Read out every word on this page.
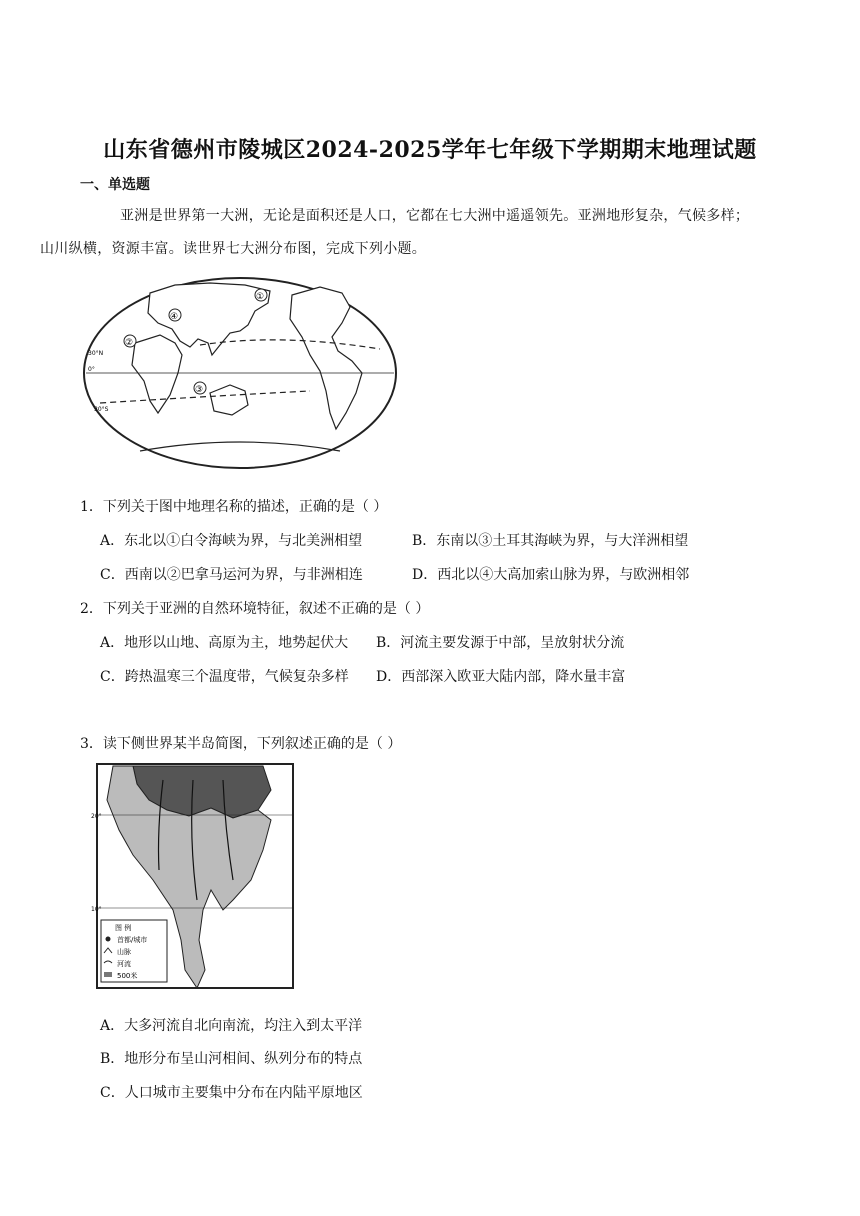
山东省德州市陵城区2024-2025学年七年级下学期期末地理试题
一、单选题
亚洲是世界第一大洲，无论是面积还是人口，它都在七大洲中遥遥领先。亚洲地形复杂，气候多样；
山川纵横，资源丰富。读世界七大洲分布图，完成下列小题。
①
②
③
④
30°N
0°
30°S
1．下列关于图中地理名称的描述，正确的是（ ）
A．东北以①白令海峡为界，与北美洲相望	B．东南以③土耳其海峡为界，与大洋洲相望
C．西南以②巴拿马运河为界，与非洲相连	D．西北以④大高加索山脉为界，与欧洲相邻
2．下列关于亚洲的自然环境特征，叙述不正确的是（ ）
A．地形以山地、高原为主，地势起伏大 B．河流主要发源于中部，呈放射状分流
C．跨热温寒三个温度带，气候复杂多样 D．西部深入欧亚大陆内部，降水量丰富
3．读下侧世界某半岛简图，下列叙述正确的是（ ）
20°
10°
图 例
首都/城市
山脉
河流
500米
A．大多河流自北向南流，均注入到太平洋
B．地形分布呈山河相间、纵列分布的特点
C．人口城市主要集中分布在内陆平原地区
